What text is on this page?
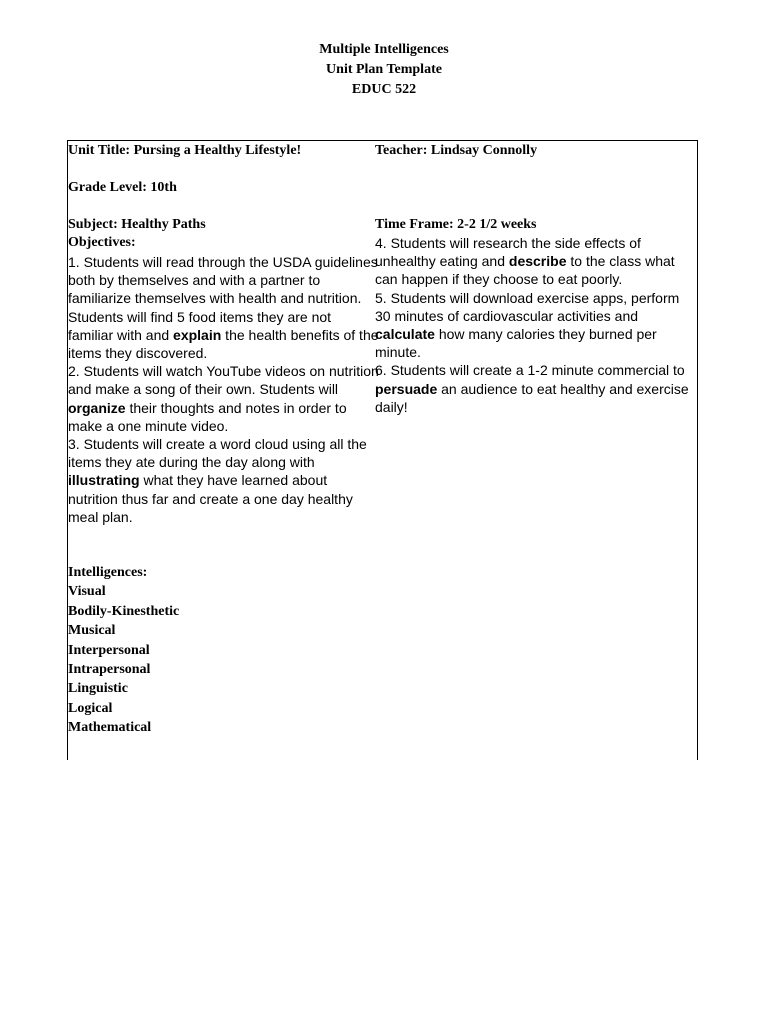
Multiple Intelligences
Unit Plan Template
EDUC 522
Unit Title: Pursing a Healthy Lifestyle!	Teacher: Lindsay Connolly
Grade Level: 10th
Subject: Healthy Paths	Time Frame: 2-2 1/2 weeks
Objectives:
1. Students will read through the USDA guidelines both by themselves and with a partner to familiarize themselves with health and nutrition. Students will find 5 food items they are not familiar with and explain the health benefits of the items they discovered.
2. Students will watch YouTube videos on nutrition and make a song of their own. Students will organize their thoughts and notes in order to make a one minute video.
3. Students will create a word cloud using all the items they ate during the day along with illustrating what they have learned about nutrition thus far and create a one day healthy meal plan.
4. Students will research the side effects of unhealthy eating and describe to the class what can happen if they choose to eat poorly.
5. Students will download exercise apps, perform 30 minutes of cardiovascular activities and calculate how many calories they burned per minute.
6. Students will create a 1-2 minute commercial to persuade an audience to eat healthy and exercise daily!
Intelligences:
Visual
Bodily-Kinesthetic
Musical
Interpersonal
Intrapersonal
Linguistic
Logical
Mathematical
